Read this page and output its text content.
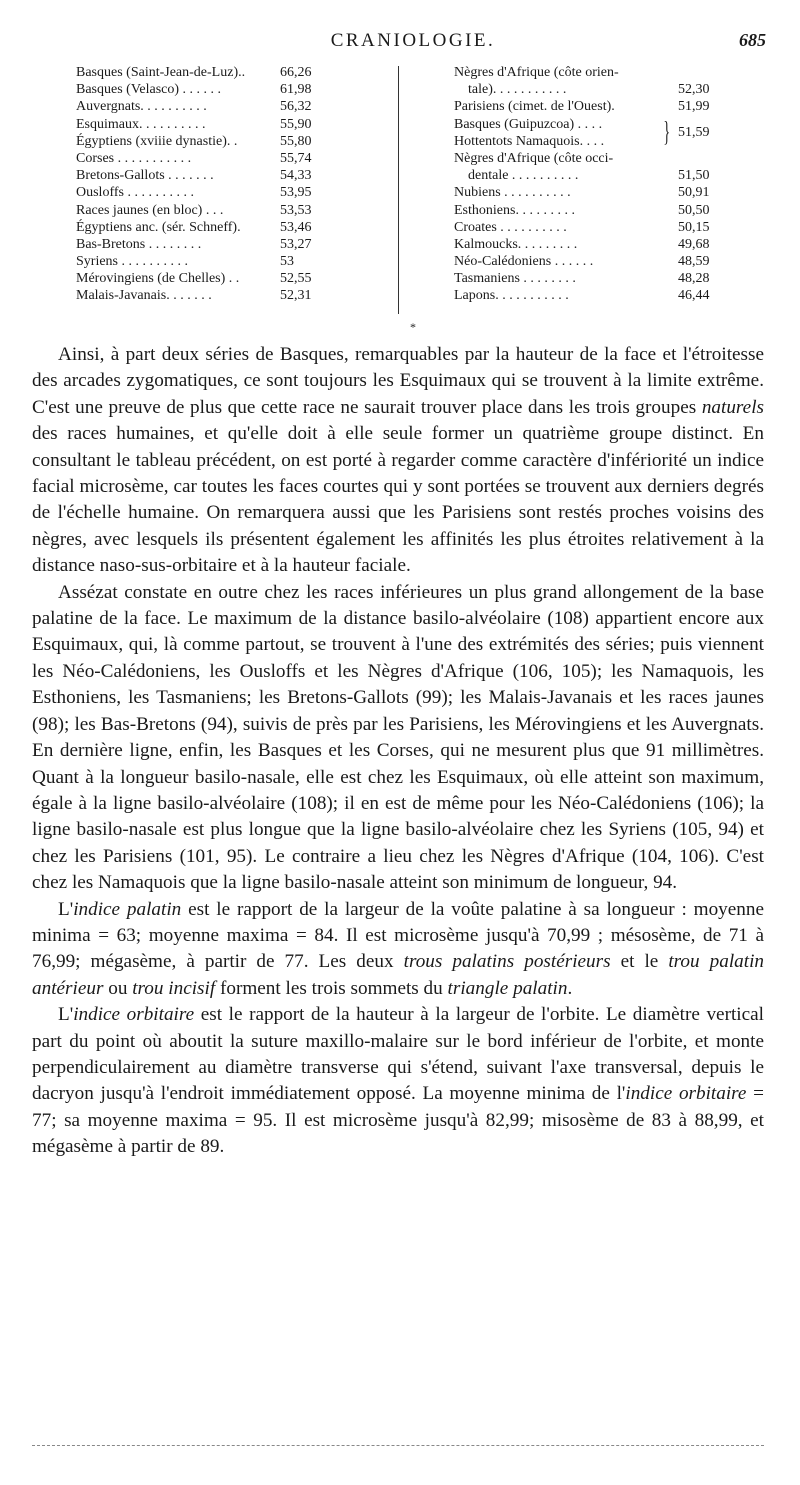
CRANIOLOGIE.	685
Basques (Saint-Jean-de-Luz).. 66,26
Basques (Velasco) . . . . . .	61,98
Auvergnats. . . . . . . . . .	56,32
Esquimaux. . . . . . . . . .	55,90
Égyptiens (xviiie dynastie). .	55,80
Corses . . . . . . . . . . .	55,74
Bretons-Gallots . . . . . . .	54,33
Ousloffs . . . . . . . . . .	53,95
Races jaunes (en bloc) . . .	53,53
Égyptiens anc. (sér. Schneff).	53,46
Bas-Bretons . . . . . . . .	53,27
Syriens . . . . . . . . . .	53
Mérovingiens (de Chelles) . .	52,55
Malais-Javanais. . . . . . .	52,31
Nègres d'Afrique (côte orien-
tale). . . . . . . . . . .	52,30
Parisiens (cimet. de l'Ouest).	51,99
Basques (Guipuzcoa) . . . .
Hottentots Namaquois. . . . } 51,59
Nègres d'Afrique (côte occi-
dentale . . . . . . . . . .	51,50
Nubiens . . . . . . . . . .	50,91
Esthoniens. . . . . . . . .	50,50
Croates . . . . . . . . . .	50,15
Kalmoucks. . . . . . . . .	49,68
Néo-Calédoniens . . . . . .	48,59
Tasmaniens . . . . . . . .	48,28
Lapons. . . . . . . . . . .	46,44
*

Ainsi, à part deux séries de Basques, remarquables par la hauteur de la face et l'étroitesse des arcades zygomatiques, ce sont toujours les Esquimaux qui se trouvent à la limite extrême. C'est une preuve de plus que cette race ne saurait trouver place dans les trois groupes naturels des races humaines, et qu'elle doit à elle seule former un quatrième groupe distinct. En consultant le tableau précédent, on est porté à regarder comme caractère d'infériorité un indice facial microsème, car toutes les faces courtes qui y sont portées se trouvent aux derniers degrés de l'échelle humaine. On remarquera aussi que les Parisiens sont restés proches voisins des nègres, avec lesquels ils présentent également les affinités les plus étroites relativement à la distance naso-sus-orbitaire et à la hauteur faciale.

Assézat constate en outre chez les races inférieures un plus grand allongement de la base palatine de la face. Le maximum de la distance basilo-alvéolaire (108) appartient encore aux Esquimaux, qui, là comme partout, se trouvent à l'une des extrémités des séries; puis viennent les Néo-Calédoniens, les Ousloffs et les Nègres d'Afrique (106, 105); les Namaquois, les Esthoniens, les Tasmaniens; les Bretons-Gallots (99); les Malais-Javanais et les races jaunes (98); les Bas-Bretons (94), suivis de près par les Parisiens, les Mérovingiens et les Auvergnats. En dernière ligne, enfin, les Basques et les Corses, qui ne mesurent plus que 91 millimètres. Quant à la longueur basilo-nasale, elle est chez les Esquimaux, où elle atteint son maximum, égale à la ligne basilo-alvéolaire (108); il en est de même pour les Néo-Calédoniens (106); la ligne basilo-nasale est plus longue que la ligne basilo-alvéolaire chez les Syriens (105, 94) et chez les Parisiens (101, 95). Le contraire a lieu chez les Nègres d'Afrique (104, 106). C'est chez les Namaquois que la ligne basilo-nasale atteint son minimum de longueur, 94.

L'indice palatin est le rapport de la largeur de la voûte palatine à sa longueur : moyenne minima = 63; moyenne maxima = 84. Il est microsème jusqu'à 70,99 ; mésosème, de 71 à 76,99; mégasème, à partir de 77. Les deux trous palatins postérieurs et le trou palatin antérieur ou trou incisif forment les trois sommets du triangle palatin.

L'indice orbitaire est le rapport de la hauteur à la largeur de l'orbite. Le diamètre vertical part du point où aboutit la suture maxillo-malaire sur le bord inférieur de l'orbite, et monte perpendiculairement au diamètre transverse qui s'étend, suivant l'axe transversal, depuis le dacryon jusqu'à l'endroit immédiatement opposé. La moyenne minima de l'indice orbitaire = 77; sa moyenne maxima = 95. Il est microsème jusqu'à 82,99; misosème de 83 à 88,99, et mégasème à partir de 89.
